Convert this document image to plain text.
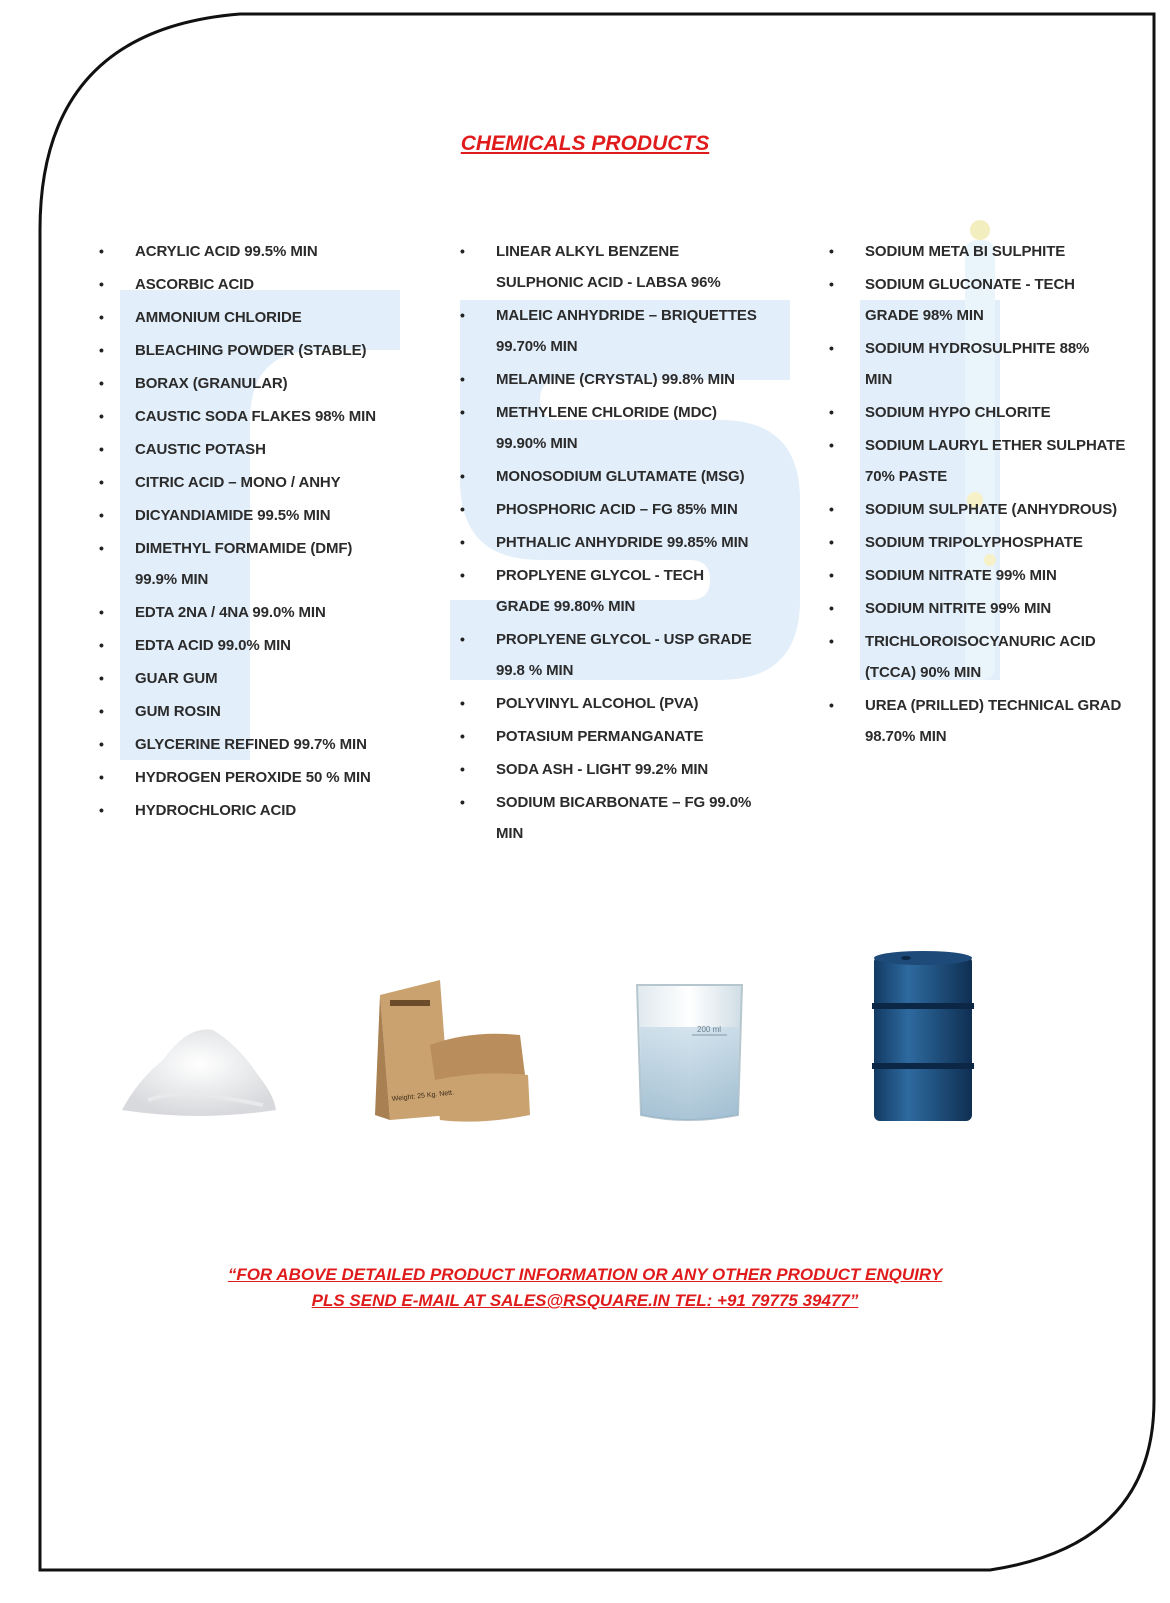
CHEMICALS PRODUCTS
• ACRYLIC ACID 99.5% MIN
• ASCORBIC ACID
• AMMONIUM CHLORIDE
• BLEACHING POWDER (STABLE)
• BORAX (GRANULAR)
• CAUSTIC SODA FLAKES 98% MIN
• CAUSTIC POTASH
• CITRIC ACID – MONO / ANHY
• DICYANDIAMIDE 99.5% MIN
• DIMETHYL FORMAMIDE (DMF) 99.9% MIN
• EDTA 2NA / 4NA 99.0% MIN
• EDTA ACID 99.0% MIN
• GUAR GUM
• GUM ROSIN
• GLYCERINE REFINED 99.7% MIN
• HYDROGEN PEROXIDE 50 % MIN
• HYDROCHLORIC ACID
• LINEAR ALKYL BENZENE SULPHONIC ACID - LABSA 96%
• MALEIC ANHYDRIDE – BRIQUETTES 99.70% MIN
• MELAMINE (CRYSTAL) 99.8% MIN
• METHYLENE CHLORIDE (MDC) 99.90% MIN
• MONOSODIUM GLUTAMATE (MSG)
• PHOSPHORIC ACID – FG 85% MIN
• PHTHALIC ANHYDRIDE 99.85% MIN
• PROPLYENE GLYCOL - TECH GRADE 99.80% MIN
• PROPLYENE GLYCOL - USP GRADE 99.8 % MIN
• POLYVINYL ALCOHOL (PVA)
• POTASIUM PERMANGANATE
• SODA ASH - LIGHT 99.2% MIN
• SODIUM BICARBONATE – FG 99.0% MIN
• SODIUM META BI SULPHITE
• SODIUM GLUCONATE - TECH GRADE 98% MIN
• SODIUM HYDROSULPHITE 88% MIN
• SODIUM HYPO CHLORITE
• SODIUM LAURYL ETHER SULPHATE 70% PASTE
• SODIUM SULPHATE (ANHYDROUS)
• SODIUM TRIPOLYPHOSPHATE
• SODIUM NITRATE 99% MIN
• SODIUM NITRITE 99% MIN
• TRICHLOROISOCYANURIC ACID (TCCA) 90% MIN
• UREA (PRILLED) TECHNICAL GRAD 98.70% MIN
Weight: 25 Kg. Nett.
200 ml

“FOR ABOVE DETAILED PRODUCT INFORMATION OR ANY OTHER PRODUCT ENQUIRY
PLS SEND E-MAIL AT SALES@RSQUARE.IN TEL: +91 79775 39477”
